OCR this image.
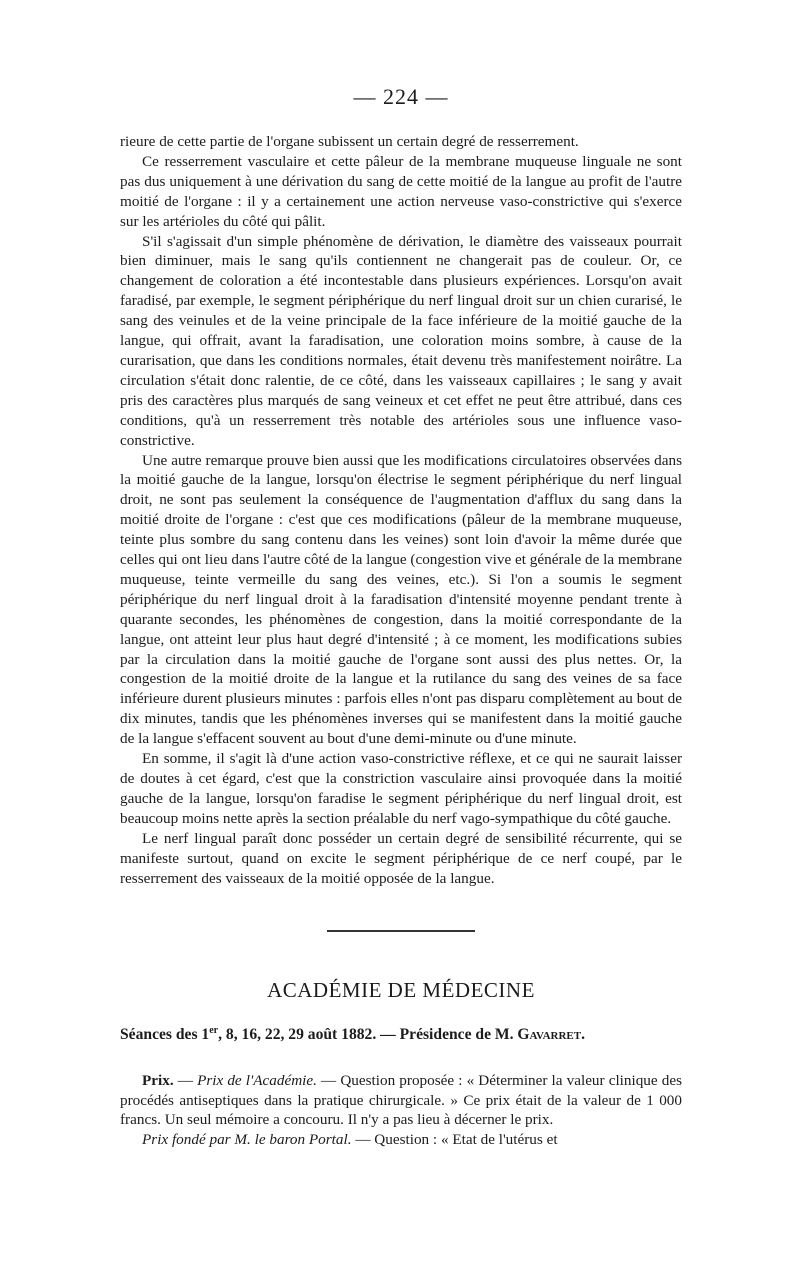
— 224 —

rieure de cette partie de l'organe subissent un certain degré de resserrement.

Ce resserrement vasculaire et cette pâleur de la membrane muqueuse linguale ne sont pas dus uniquement à une dérivation du sang de cette moitié de la langue au profit de l'autre moitié de l'organe : il y a certainement une action nerveuse vaso-constrictive qui s'exerce sur les artérioles du côté qui pâlit.

S'il s'agissait d'un simple phénomène de dérivation, le diamètre des vaisseaux pourrait bien diminuer, mais le sang qu'ils contiennent ne changerait pas de couleur. Or, ce changement de coloration a été incontestable dans plusieurs expériences. Lorsqu'on avait faradisé, par exemple, le segment périphérique du nerf lingual droit sur un chien curarisé, le sang des veinules et de la veine principale de la face inférieure de la moitié gauche de la langue, qui offrait, avant la faradisation, une coloration moins sombre, à cause de la curarisation, que dans les conditions normales, était devenu très manifestement noirâtre. La circulation s'était donc ralentie, de ce côté, dans les vaisseaux capillaires ; le sang y avait pris des caractères plus marqués de sang veineux et cet effet ne peut être attribué, dans ces conditions, qu'à un resserrement très notable des artérioles sous une influence vaso-constrictive.

Une autre remarque prouve bien aussi que les modifications circulatoires observées dans la moitié gauche de la langue, lorsqu'on électrise le segment périphérique du nerf lingual droit, ne sont pas seulement la conséquence de l'augmentation d'afflux du sang dans la moitié droite de l'organe : c'est que ces modifications (pâleur de la membrane muqueuse, teinte plus sombre du sang contenu dans les veines) sont loin d'avoir la même durée que celles qui ont lieu dans l'autre côté de la langue (congestion vive et générale de la membrane muqueuse, teinte vermeille du sang des veines, etc.). Si l'on a soumis le segment périphérique du nerf lingual droit à la faradisation d'intensité moyenne pendant trente à quarante secondes, les phénomènes de congestion, dans la moitié correspondante de la langue, ont atteint leur plus haut degré d'intensité ; à ce moment, les modifications subies par la circulation dans la moitié gauche de l'organe sont aussi des plus nettes. Or, la congestion de la moitié droite de la langue et la rutilance du sang des veines de sa face inférieure durent plusieurs minutes : parfois elles n'ont pas disparu complètement au bout de dix minutes, tandis que les phénomènes inverses qui se manifestent dans la moitié gauche de la langue s'effacent souvent au bout d'une demi-minute ou d'une minute.

En somme, il s'agit là d'une action vaso-constrictive réflexe, et ce qui ne saurait laisser de doutes à cet égard, c'est que la constriction vasculaire ainsi provoquée dans la moitié gauche de la langue, lorsqu'on faradise le segment périphérique du nerf lingual droit, est beaucoup moins nette après la section préalable du nerf vago-sympathique du côté gauche.

Le nerf lingual paraît donc posséder un certain degré de sensibilité récurrente, qui se manifeste surtout, quand on excite le segment périphérique de ce nerf coupé, par le resserrement des vaisseaux de la moitié opposée de la langue.

ACADÉMIE DE MÉDECINE
Séances des 1er, 8, 16, 22, 29 août 1882. — Présidence de M. Gavarret.

Prix. — Prix de l'Académie. — Question proposée : « Déterminer la valeur clinique des procédés antiseptiques dans la pratique chirurgicale. » Ce prix était de la valeur de 1 000 francs. Un seul mémoire a concouru. Il n'y a pas lieu à décerner le prix.

Prix fondé par M. le baron Portal. — Question : « Etat de l'utérus et
